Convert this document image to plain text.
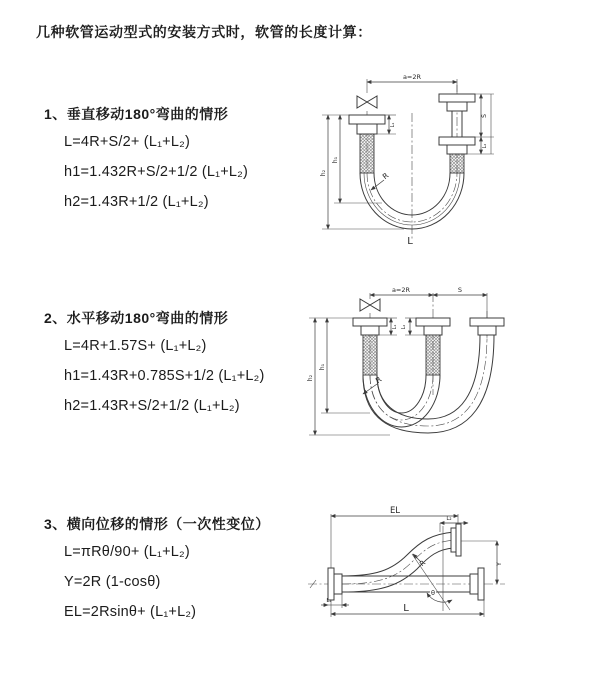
几种软管运动型式的安装方式时，软管的长度计算：
1、垂直移动180°弯曲的情形
L=4R+S/2+ (L₁+L₂)
h1=1.432R+S/2+1/2 (L₁+L₂)
h2=1.43R+1/2 (L₁+L₂)
2、水平移动180°弯曲的情形
L=4R+1.57S+ (L₁+L₂)
h1=1.43R+0.785S+1/2 (L₁+L₂)
h2=1.43R+S/2+1/2 (L₁+L₂)
3、横向位移的情形（一次性变位）
L=πRθ/90+ (L₁+L₂)
Y=2R (1-cosθ)
EL=2Rsinθ+ (L₁+L₂)
a=2R
h₂
h₁
L₁
S
L₂
R
L
a=2R	S
h₂
h₁
L₁ L₂
R
EL
L₂
Y
R
θ
L
L₁
